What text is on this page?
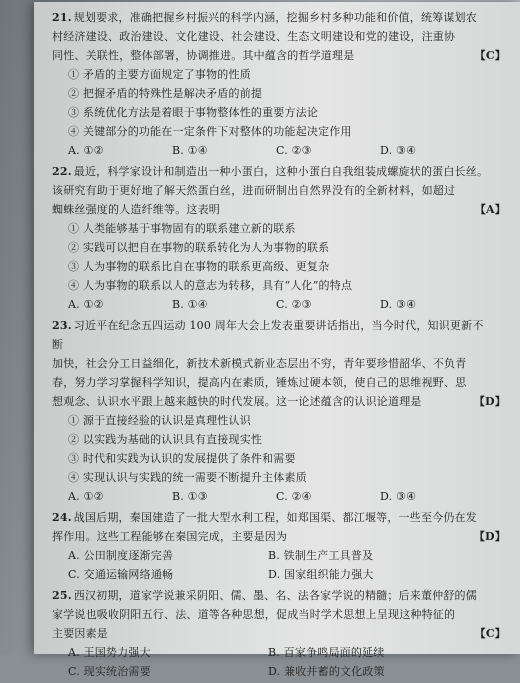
21. 规划要求，准确把握乡村振兴的科学内涵，挖掘乡村多种功能和价值，统筹谋划农
村经济建设、政治建设、文化建设、社会建设、生态文明建设和党的建设，注重协
同性、关联性，整体部署，协调推进。其中蕴含的哲学道理是	【C】
① 矛盾的主要方面规定了事物的性质
② 把握矛盾的特殊性是解决矛盾的前提
③ 系统优化方法是着眼于事物整体性的重要方法论
④ 关键部分的功能在一定条件下对整体的功能起决定作用
A. ①②	B. ①④	C. ②③	D. ③④
22. 最近，科学家设计和制造出一种小蛋白，这种小蛋白自我组装成螺旋状的蛋白长丝。
该研究有助于更好地了解天然蛋白丝，进而研制出自然界没有的全新材料，如超过
蜘蛛丝强度的人造纤维等。这表明	【A】
① 人类能够基于事物固有的联系建立新的联系
② 实践可以把自在事物的联系转化为人为事物的联系
③ 人为事物的联系比自在事物的联系更高级、更复杂
④ 人为事物的联系以人的意志为转移，具有“人化”的特点
A. ①②	B. ①④	C. ②③	D. ③④
23. 习近平在纪念五四运动 100 周年大会上发表重要讲话指出，当今时代，知识更新不断
加快，社会分工日益细化，新技术新模式新业态层出不穷，青年要珍惜韶华、不负青
春，努力学习掌握科学知识，提高内在素质，锤炼过硬本领，使自己的思维视野、思
想观念、认识水平跟上越来越快的时代发展。这一论述蕴含的认识论道理是	【D】
① 源于直接经验的认识是真理性认识
② 以实践为基础的认识具有直接现实性
③ 时代和实践为认识的发展提供了条件和需要
④ 实现认识与实践的统一需要不断提升主体素质
A. ①②	B. ①③	C. ②④	D. ③④
24. 战国后期，秦国建造了一批大型水利工程，如郑国渠、都江堰等，一些至今仍在发
挥作用。这些工程能够在秦国完成，主要是因为	【D】
A. 公田制度逐渐完善	B. 铁制生产工具普及
C. 交通运输网络通畅	D. 国家组织能力强大
25. 西汉初期，道家学说兼采阴阳、儒、墨、名、法各家学说的精髓；后来董仲舒的儒
家学说也吸收阴阳五行、法、道等各种思想，促成当时学术思想上呈现这种特征的
主要因素是	【C】
A. 王国势力强大	B. 百家争鸣局面的延续
C. 现实统治需要	D. 兼收并蓄的文化政策
